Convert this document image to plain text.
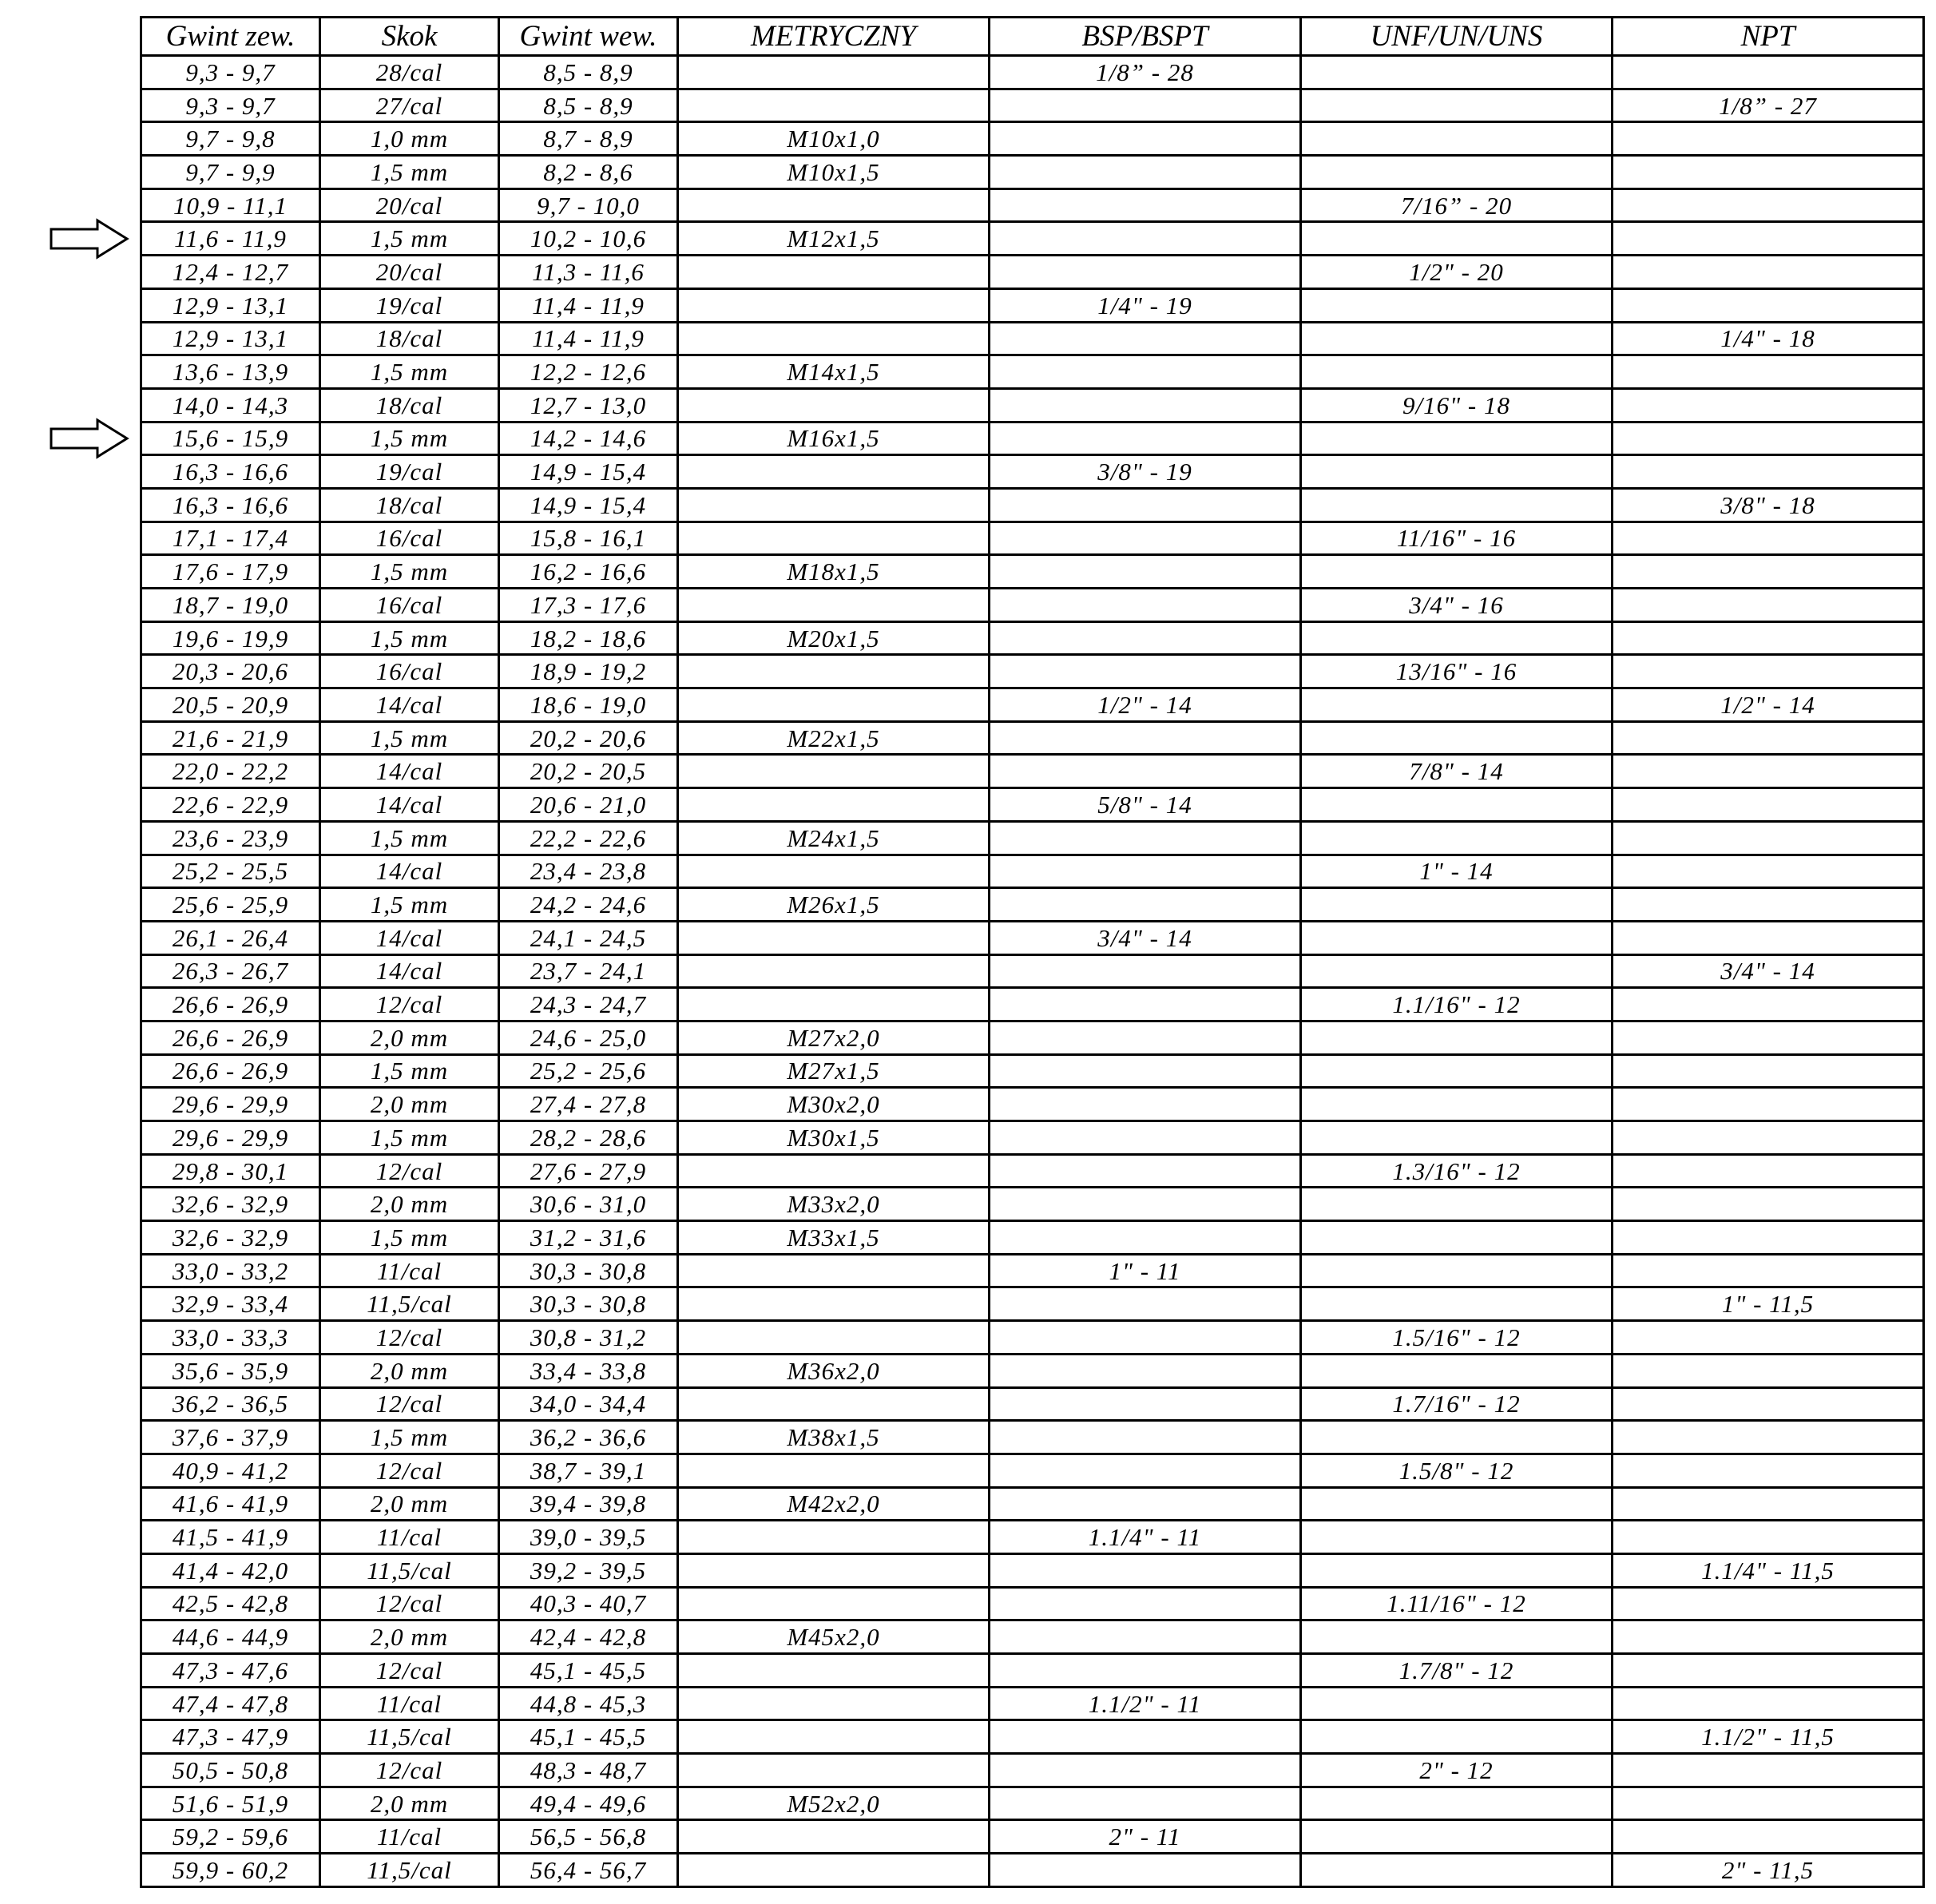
Gwint zew.	Skok	Gwint wew.	METRYCZNY	BSP/BSPT	UNF/UN/UNS	NPT
9,3 - 9,7	28/cal	8,5 - 8,9		1/8” - 28		
9,3 - 9,7	27/cal	8,5 - 8,9				1/8” - 27
9,7 - 9,8	1,0 mm	8,7 - 8,9	M10x1,0			
9,7 - 9,9	1,5 mm	8,2 - 8,6	M10x1,5			
10,9 - 11,1	20/cal	9,7 - 10,0			7/16” - 20	
11,6 - 11,9	1,5 mm	10,2 - 10,6	M12x1,5			
12,4 - 12,7	20/cal	11,3 - 11,6			1/2" - 20	
12,9 - 13,1	19/cal	11,4 - 11,9		1/4" - 19		
12,9 - 13,1	18/cal	11,4 - 11,9				1/4" - 18
13,6 - 13,9	1,5 mm	12,2 - 12,6	M14x1,5			
14,0 - 14,3	18/cal	12,7 - 13,0			9/16" - 18	
15,6 - 15,9	1,5 mm	14,2 - 14,6	M16x1,5			
16,3 - 16,6	19/cal	14,9 - 15,4		3/8" - 19		
16,3 - 16,6	18/cal	14,9 - 15,4				3/8" - 18
17,1 - 17,4	16/cal	15,8 - 16,1			11/16" - 16	
17,6 - 17,9	1,5 mm	16,2 - 16,6	M18x1,5			
18,7 - 19,0	16/cal	17,3 - 17,6			3/4" - 16	
19,6 - 19,9	1,5 mm	18,2 - 18,6	M20x1,5			
20,3 - 20,6	16/cal	18,9 - 19,2			13/16" - 16	
20,5 - 20,9	14/cal	18,6 - 19,0		1/2" - 14		1/2" - 14
21,6 - 21,9	1,5 mm	20,2 - 20,6	M22x1,5			
22,0 - 22,2	14/cal	20,2 - 20,5			7/8" - 14	
22,6 - 22,9	14/cal	20,6 - 21,0		5/8" - 14		
23,6 - 23,9	1,5 mm	22,2 - 22,6	M24x1,5			
25,2 - 25,5	14/cal	23,4 - 23,8			1" - 14	
25,6 - 25,9	1,5 mm	24,2 - 24,6	M26x1,5			
26,1 - 26,4	14/cal	24,1 - 24,5		3/4" - 14		
26,3 - 26,7	14/cal	23,7 - 24,1				3/4" - 14
26,6 - 26,9	12/cal	24,3 - 24,7			1.1/16" - 12	
26,6 - 26,9	2,0 mm	24,6 - 25,0	M27x2,0			
26,6 - 26,9	1,5 mm	25,2 - 25,6	M27x1,5			
29,6 - 29,9	2,0 mm	27,4 - 27,8	M30x2,0			
29,6 - 29,9	1,5 mm	28,2 - 28,6	M30x1,5			
29,8 - 30,1	12/cal	27,6 - 27,9			1.3/16" - 12	
32,6 - 32,9	2,0 mm	30,6 - 31,0	M33x2,0			
32,6 - 32,9	1,5 mm	31,2 - 31,6	M33x1,5			
33,0 - 33,2	11/cal	30,3 - 30,8		1" - 11		
32,9 - 33,4	11,5/cal	30,3 - 30,8				1" - 11,5
33,0 - 33,3	12/cal	30,8 - 31,2			1.5/16" - 12	
35,6 - 35,9	2,0 mm	33,4 - 33,8	M36x2,0			
36,2 - 36,5	12/cal	34,0 - 34,4			1.7/16" - 12	
37,6 - 37,9	1,5 mm	36,2 - 36,6	M38x1,5			
40,9 - 41,2	12/cal	38,7 - 39,1			1.5/8" - 12	
41,6 - 41,9	2,0 mm	39,4 - 39,8	M42x2,0			
41,5 - 41,9	11/cal	39,0 - 39,5		1.1/4" - 11		
41,4 - 42,0	11,5/cal	39,2 - 39,5				1.1/4" - 11,5
42,5 - 42,8	12/cal	40,3 - 40,7			1.11/16" - 12	
44,6 - 44,9	2,0 mm	42,4 - 42,8	M45x2,0			
47,3 - 47,6	12/cal	45,1 - 45,5			1.7/8" - 12	
47,4 - 47,8	11/cal	44,8 - 45,3		1.1/2" - 11		
47,3 - 47,9	11,5/cal	45,1 - 45,5				1.1/2" - 11,5
50,5 - 50,8	12/cal	48,3 - 48,7			2" - 12	
51,6 - 51,9	2,0 mm	49,4 - 49,6	M52x2,0			
59,2 - 59,6	11/cal	56,5 - 56,8		2" - 11		
59,9 - 60,2	11,5/cal	56,4 - 56,7				2" - 11,5
